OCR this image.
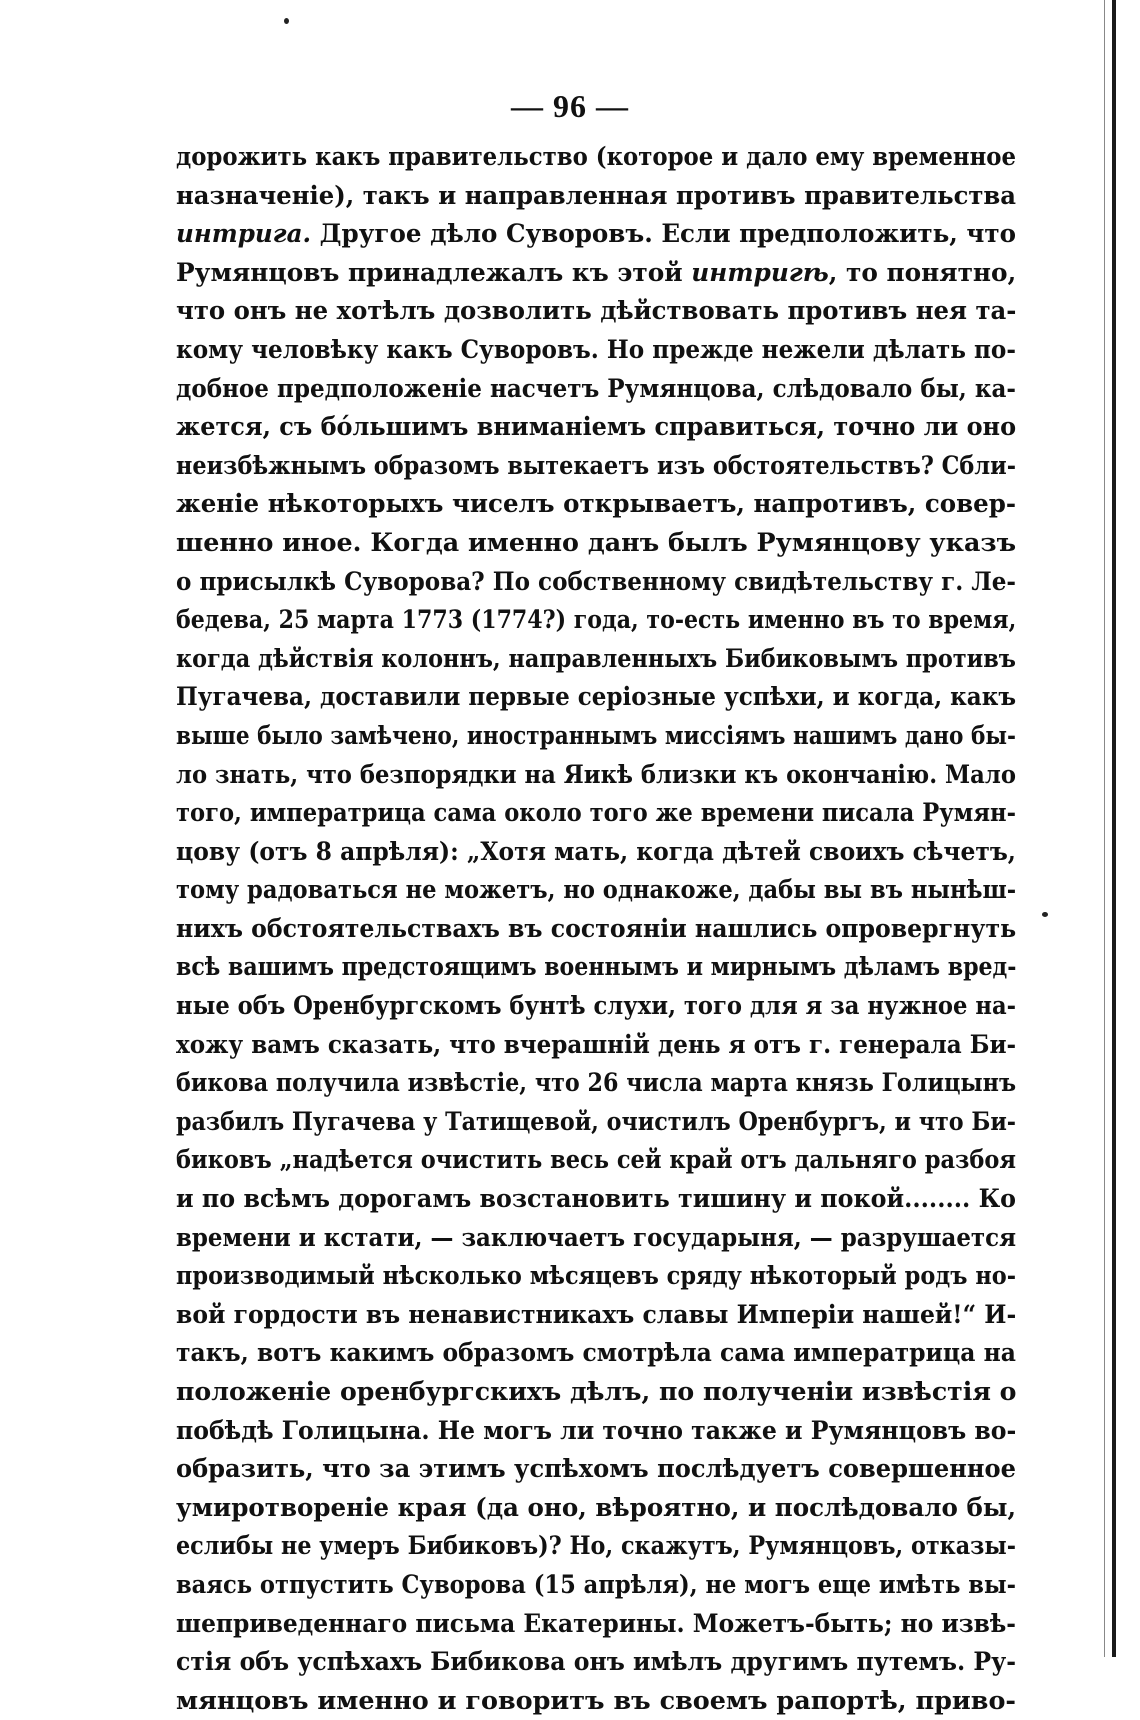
— 96 —
дорожить какъ правительство (которое и дало ему временное
назначеніе), такъ и направленная противъ правительства
интрига. Другое дѣло Суворовъ. Если предположить, что
Румянцовъ принадлежалъ къ этой интригѣ, то понятно,
что онъ не хотѣлъ дозволить дѣйствовать противъ нея та-
кому человѣку какъ Суворовъ. Но прежде нежели дѣлать по-
добное предположеніе насчетъ Румянцова, слѣдовало бы, ка-
жется, съ бóльшимъ вниманіемъ справиться, точно ли оно
неизбѣжнымъ образомъ вытекаетъ изъ обстоятельствъ? Сбли-
женіе нѣкоторыхъ чиселъ открываетъ, напротивъ, совер-
шенно иное. Когда именно данъ былъ Румянцову указъ
о присылкѣ Суворова? По собственному свидѣтельству г. Ле-
бедева, 25 марта 1773 (1774?) года, то-есть именно въ то время,
когда дѣйствія колоннъ, направленныхъ Бибиковымъ противъ
Пугачева, доставили первые серіозные успѣхи, и когда, какъ
выше было замѣчено, иностраннымъ миссіямъ нашимъ дано бы-
ло знать, что безпорядки на Яикѣ близки къ окончанію. Мало
того, императрица сама около того же времени писала Румян-
цову (отъ 8 апрѣля): „Хотя мать, когда дѣтей своихъ сѣчетъ,
тому радоваться не можетъ, но однакоже, дабы вы въ нынѣш-
нихъ обстоятельствахъ въ состояніи нашлись опровергнуть
всѣ вашимъ предстоящимъ военнымъ и мирнымъ дѣламъ вред-
ные объ Оренбургскомъ бунтѣ слухи, того для я за нужное на-
хожу вамъ сказать, что вчерашній день я отъ г. генерала Би-
бикова получила извѣстіе, что 26 числа марта князь Голицынъ
разбилъ Пугачева у Татищевой, очистилъ Оренбургъ, и что Би-
биковъ „надѣется очистить весь сей край отъ дальняго разбоя
и по всѣмъ дорогамъ возстановить тишину и покой........ Ко
времени и кстати, — заключаетъ государыня, — разрушается
производимый нѣсколько мѣсяцевъ сряду нѣкоторый родъ но-
вой гордости въ ненавистникахъ славы Имперіи нашей!“ И-
такъ, вотъ какимъ образомъ смотрѣла сама императрица на
положеніе оренбургскихъ дѣлъ, по полученіи извѣстія о
побѣдѣ Голицына. Не могъ ли точно также и Румянцовъ во-
образить, что за этимъ успѣхомъ послѣдуетъ совершенное
умиротвореніе края (да оно, вѣроятно, и послѣдовало бы,
еслибы не умеръ Бибиковъ)? Но, скажутъ, Румянцовъ, отказы-
ваясь отпустить Суворова (15 апрѣля), не могъ еще имѣть вы-
шеприведеннаго письма Екатерины. Можетъ-быть; но извѣ-
стія объ успѣхахъ Бибикова онъ имѣлъ другимъ путемъ. Ру-
мянцовъ именно и говоритъ въ своемъ рапортѣ, приво-
